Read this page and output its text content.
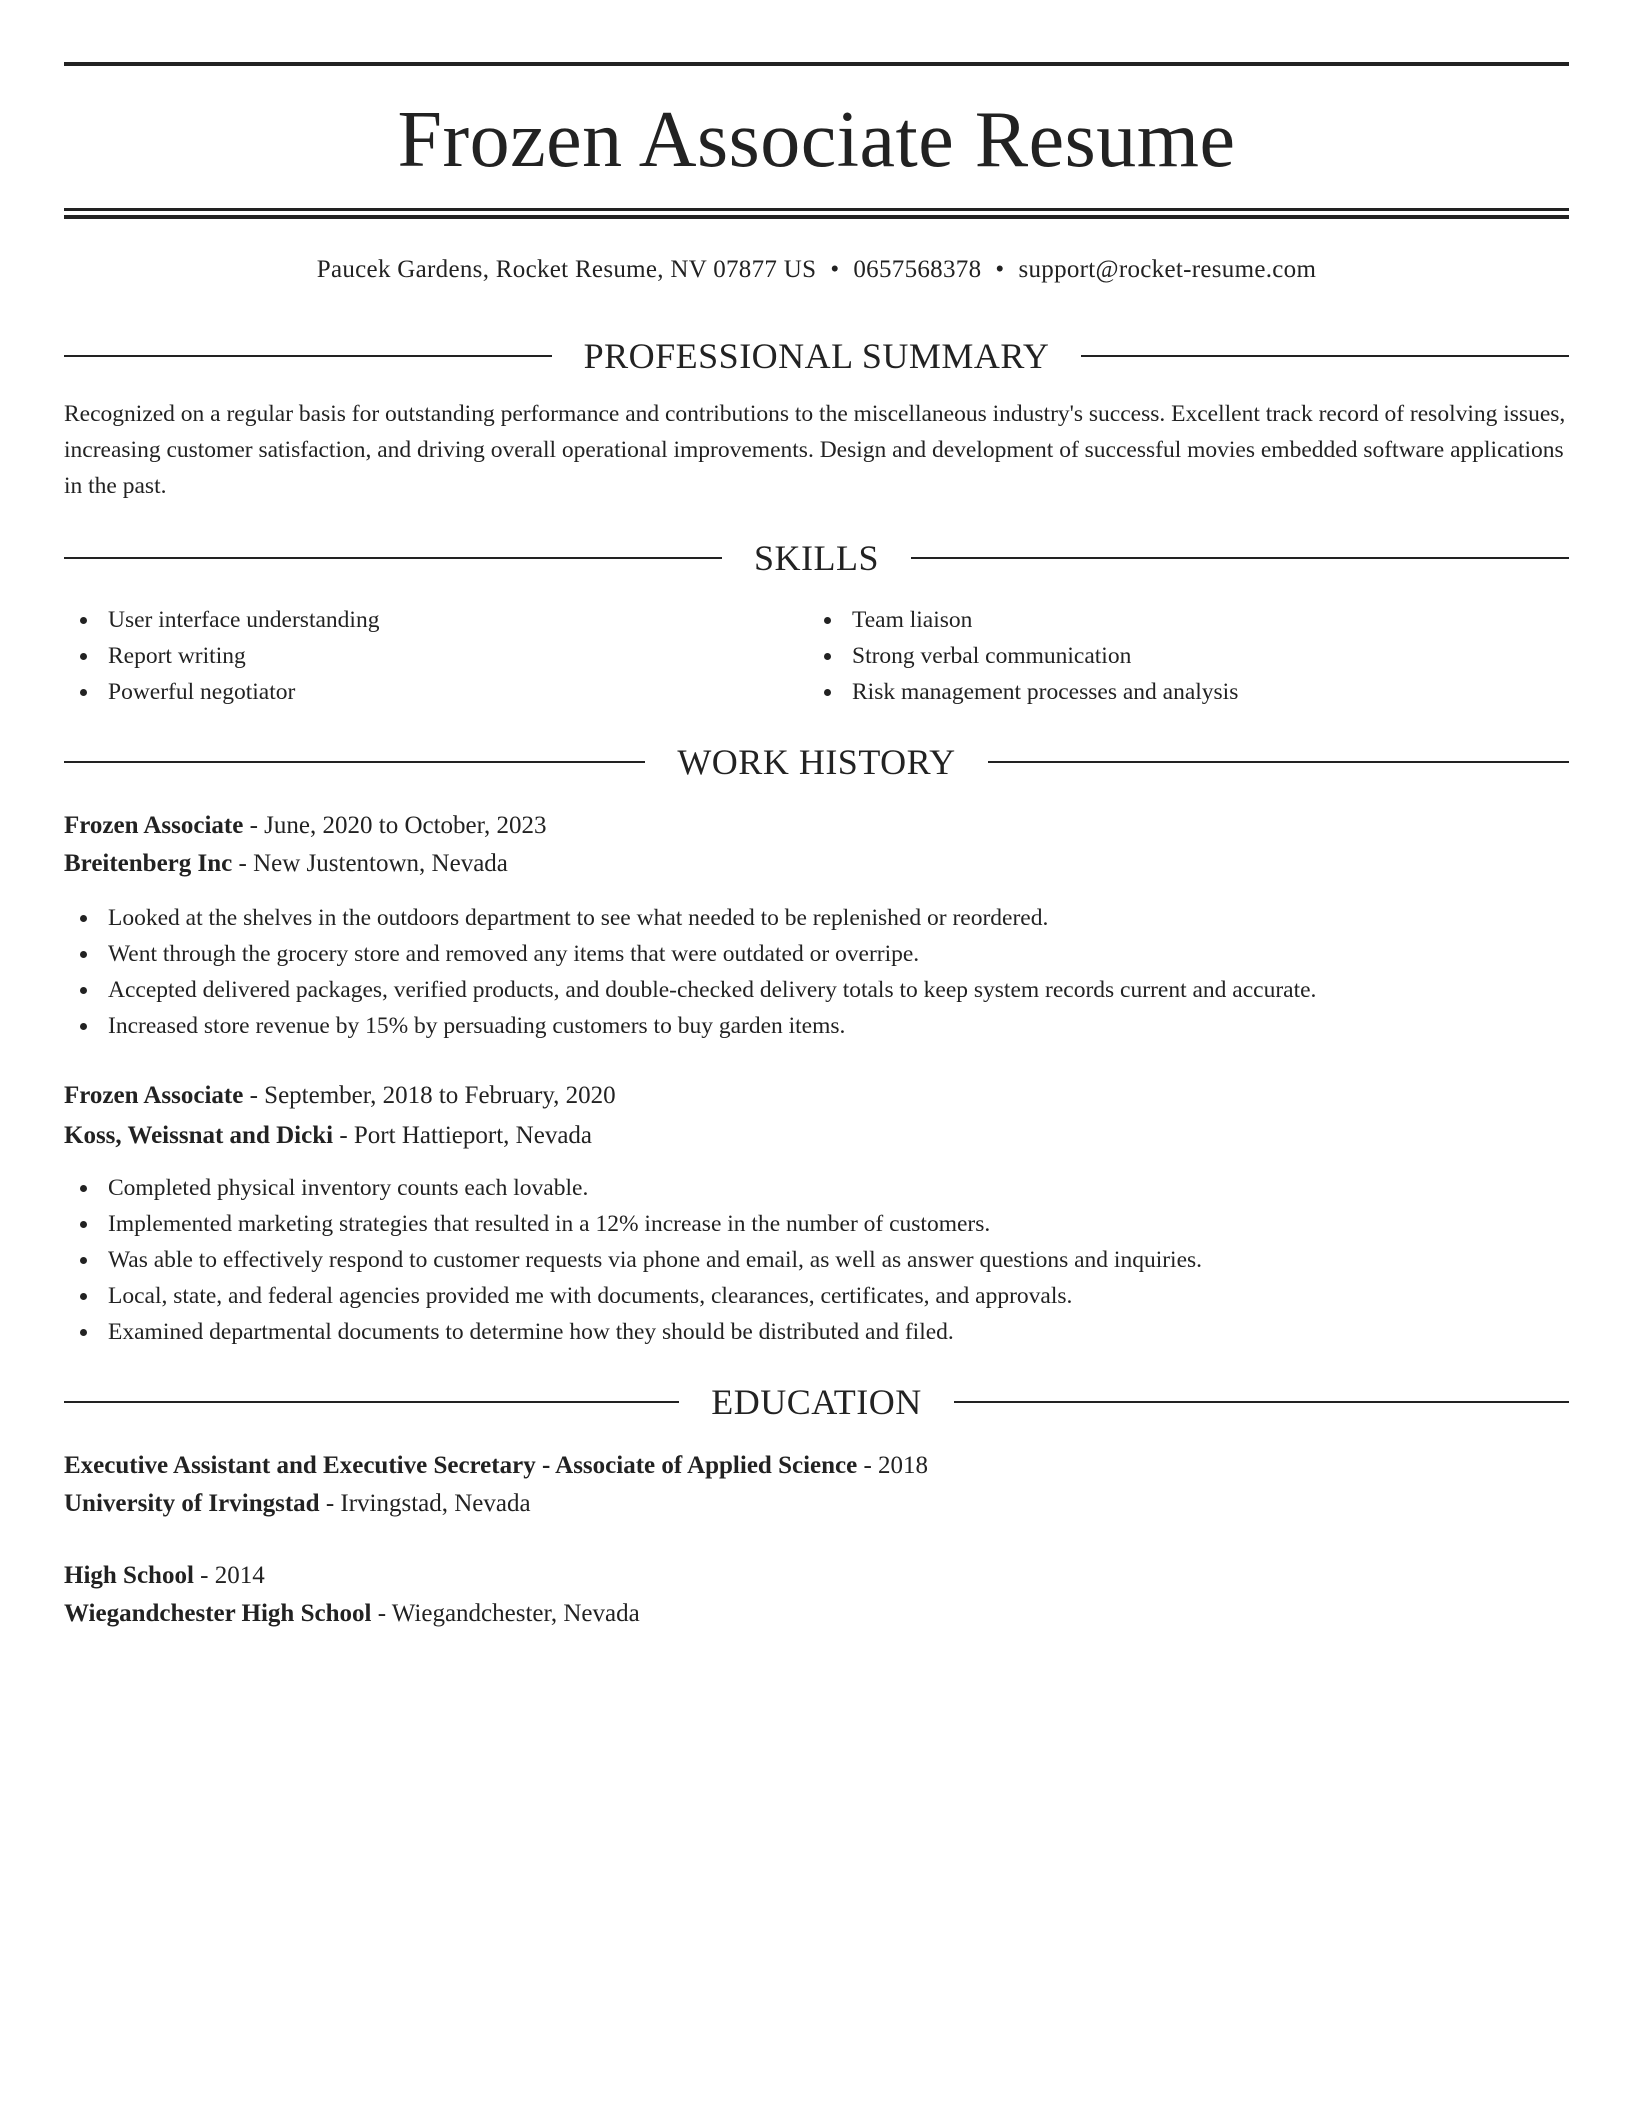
Frozen Associate Resume
Paucek Gardens, Rocket Resume, NV 07877 US • 0657568378 • support@rocket-resume.com
PROFESSIONAL SUMMARY

Recognized on a regular basis for outstanding performance and contributions to the miscellaneous industry's success. Excellent track record of resolving issues, increasing customer satisfaction, and driving overall operational improvements. Design and development of successful movies embedded software applications in the past.

SKILLS
User interface understanding
Report writing
Powerful negotiator
Team liaison
Strong verbal communication
Risk management processes and analysis
WORK HISTORY
Frozen Associate - June, 2020 to October, 2023
Breitenberg Inc - New Justentown, Nevada
Looked at the shelves in the outdoors department to see what needed to be replenished or reordered.
Went through the grocery store and removed any items that were outdated or overripe.
Accepted delivered packages, verified products, and double-checked delivery totals to keep system records current and accurate.
Increased store revenue by 15% by persuading customers to buy garden items.
Frozen Associate - September, 2018 to February, 2020
Koss, Weissnat and Dicki - Port Hattieport, Nevada
Completed physical inventory counts each lovable.
Implemented marketing strategies that resulted in a 12% increase in the number of customers.
Was able to effectively respond to customer requests via phone and email, as well as answer questions and inquiries.
Local, state, and federal agencies provided me with documents, clearances, certificates, and approvals.
Examined departmental documents to determine how they should be distributed and filed.
EDUCATION
Executive Assistant and Executive Secretary - Associate of Applied Science - 2018
University of Irvingstad - Irvingstad, Nevada
High School - 2014
Wiegandchester High School - Wiegandchester, Nevada
